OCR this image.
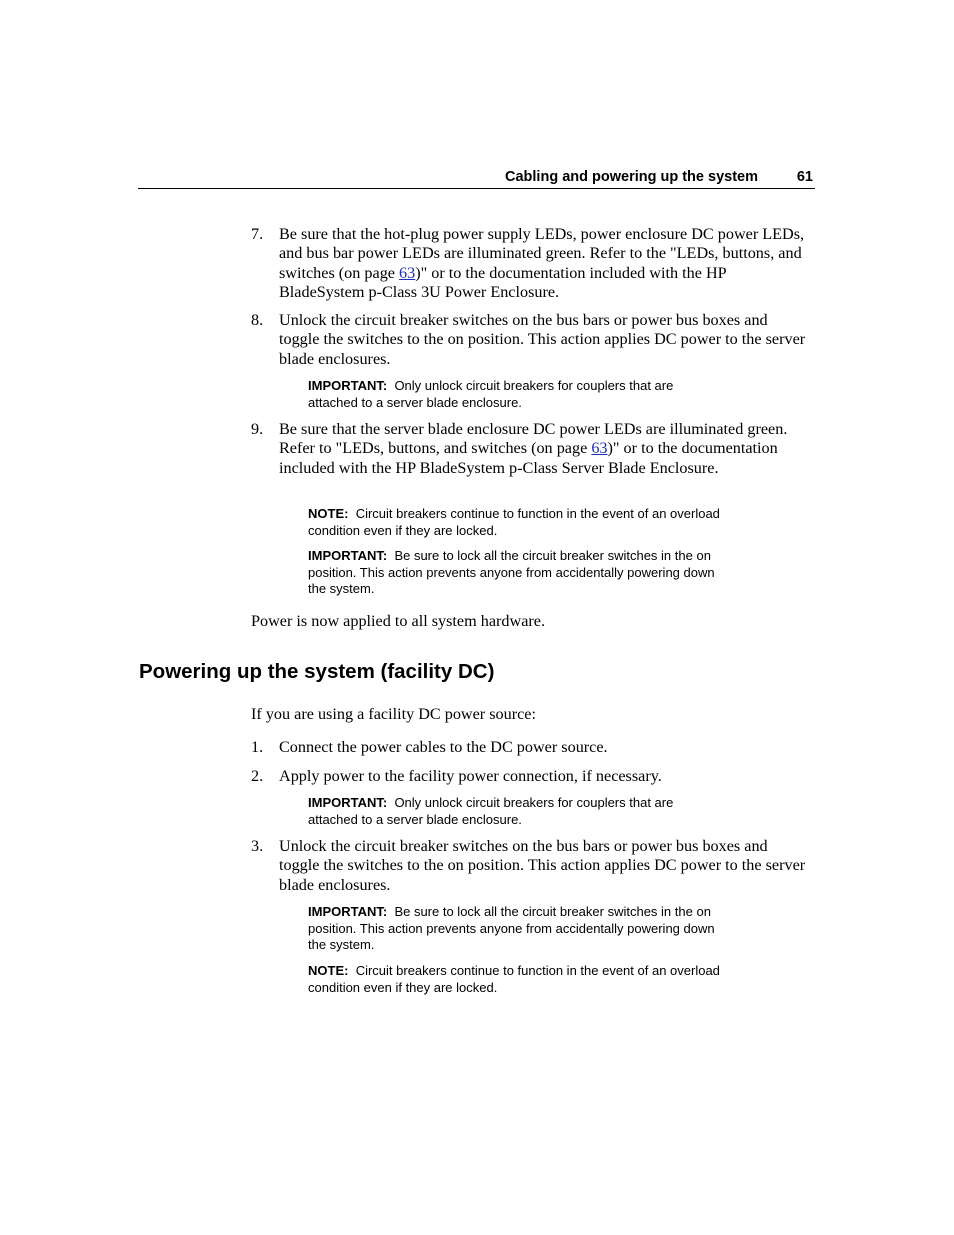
Cabling and powering up the system	61
7. Be sure that the hot-plug power supply LEDs, power enclosure DC power LEDs, and bus bar power LEDs are illuminated green. Refer to the "LEDs, buttons, and switches (on page 63)" or to the documentation included with the HP BladeSystem p-Class 3U Power Enclosure.
8. Unlock the circuit breaker switches on the bus bars or power bus boxes and toggle the switches to the on position. This action applies DC power to the server blade enclosures.
IMPORTANT: Only unlock circuit breakers for couplers that are
attached to a server blade enclosure.
9. Be sure that the server blade enclosure DC power LEDs are illuminated green. Refer to "LEDs, buttons, and switches (on page 63)" or to the documentation included with the HP BladeSystem p-Class Server Blade Enclosure.
NOTE: Circuit breakers continue to function in the event of an overload
condition even if they are locked.
IMPORTANT: Be sure to lock all the circuit breaker switches in the on
position. This action prevents anyone from accidentally powering down
the system.
Power is now applied to all system hardware.
Powering up the system (facility DC)
If you are using a facility DC power source:
1. Connect the power cables to the DC power source.
2. Apply power to the facility power connection, if necessary.
IMPORTANT: Only unlock circuit breakers for couplers that are
attached to a server blade enclosure.
3. Unlock the circuit breaker switches on the bus bars or power bus boxes and toggle the switches to the on position. This action applies DC power to the server blade enclosures.
IMPORTANT: Be sure to lock all the circuit breaker switches in the on
position. This action prevents anyone from accidentally powering down
the system.
NOTE: Circuit breakers continue to function in the event of an overload
condition even if they are locked.
